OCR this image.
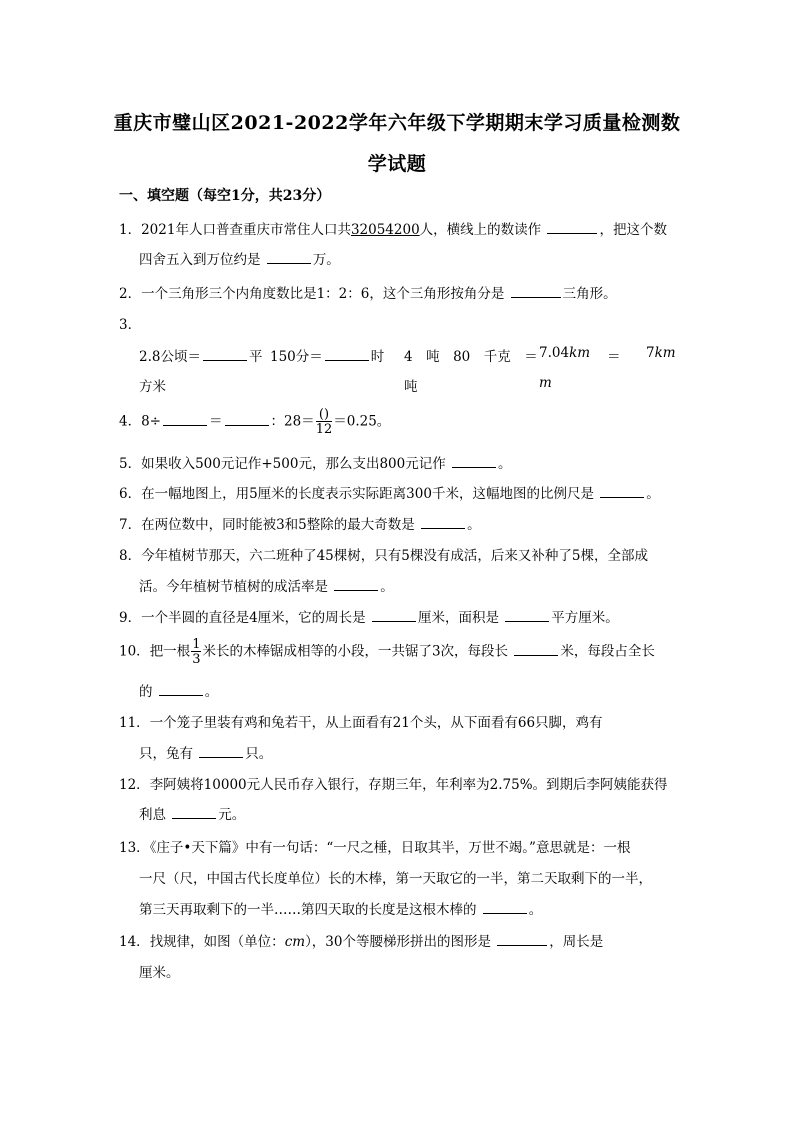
重庆市璧山区2021-2022学年六年级下学期期末学习质量检测数
学试题
一、填空题（每空1分，共23分）
1．2021年人口普查重庆市常住人口共32054200人，横线上的数读作	，把这个数
四舍五入到万位约是	万。
2．一个三角形三个内角度数比是1：2：6，这个三角形按角分是	三角形。
3．
2.8公顷＝	平
方米
150分＝	时 4　吨　80　千克　＝
吨
7.04km ＝ 7km
m
4．8÷	＝	：$28= \frac{()}{12} =0.25$。
5．如果收入500元记作+500元，那么支出800元记作	。
6．在一幅地图上，用5厘米的长度表示实际距离300千米，这幅地图的比例尺是	。
7．在两位数中，同时能被3和5整除的最大奇数是	。
8．今年植树节那天，六二班种了45棵树，只有5棵没有成活，后来又补种了5棵，全部成
活。今年植树节植树的成活率是	。
9．一个半圆的直径是4厘米，它的周长是	厘米，面积是	平方厘米。
10．把一根 $\frac{1}{3}$ 米长的木棒锯成相等的小段，一共锯了3次，每段长	米，每段占全长
的	。
11．一个笼子里装有鸡和兔若干，从上面看有21个头，从下面看有66只脚，鸡有
只，兔有	只。
12．李阿姨将10000元人民币存入银行，存期三年，年利率为2.75%。到期后李阿姨能获得
利息	元。
13．《庄子•天下篇》中有一句话：“一尺之棰，日取其半，万世不竭。”意思就是：一根
一尺（尺，中国古代长度单位）长的木棒，第一天取它的一半，第二天取剩下的一半，
第三天再取剩下的一半……第四天取的长度是这根木棒的	。
14．找规律，如图（单位：cm），30个等腰梯形拼出的图形是	，周长是
厘米。
